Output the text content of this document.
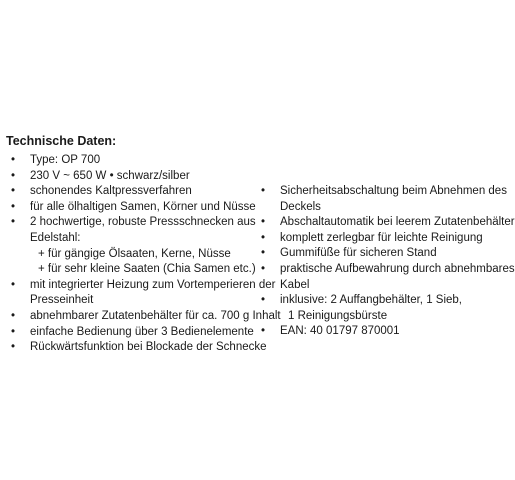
Technische Daten:
• Type: OP 700
• 230 V ~ 650 W • schwarz/silber
• schonendes Kaltpressverfahren
• für alle ölhaltigen Samen, Körner und Nüsse
• 2 hochwertige, robuste Pressschnecken aus
Edelstahl:
+ für gängige Ölsaaten, Kerne, Nüsse
+ für sehr kleine Saaten (Chia Samen etc.)
• mit integrierter Heizung zum Vortemperieren der
Presseinheit
• abnehmbarer Zutatenbehälter für ca. 700 g Inhalt
• einfache Bedienung über 3 Bedienelemente
• Rückwärtsfunktion bei Blockade der Schnecke
• Sicherheitsabschaltung beim Abnehmen des
Deckels
• Abschaltautomatik bei leerem Zutatenbehälter
• komplett zerlegbar für leichte Reinigung
• Gummifüße für sicheren Stand
• praktische Aufbewahrung durch abnehmbares
Kabel
• inklusive: 2 Auffangbehälter, 1 Sieb,
1 Reinigungsbürste
• EAN: 40 01797 870001
